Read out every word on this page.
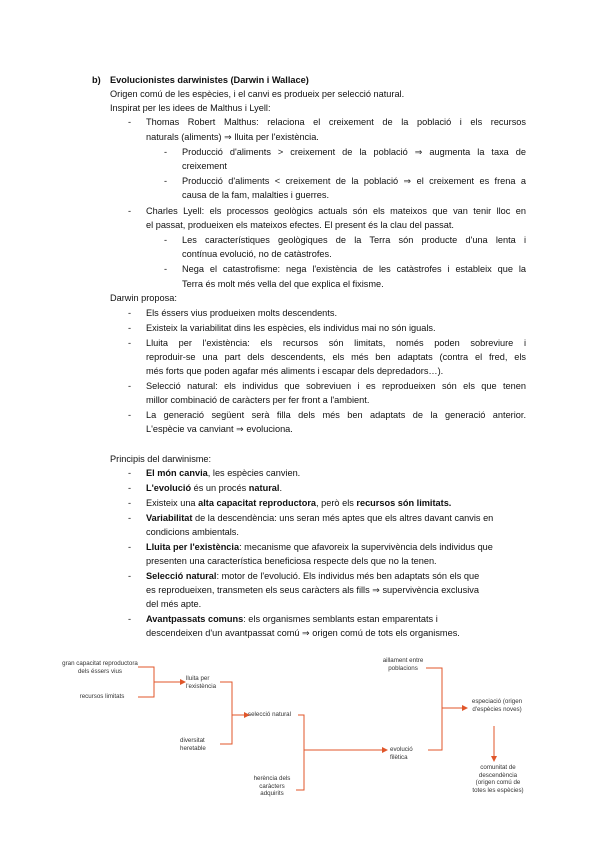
b) Evolucionistes darwinistes (Darwin i Wallace)
Origen comú de les espècies, i el canvi es produeix per selecció natural.
Inspirat per les idees de Malthus i Lyell:
- Thomas Robert Malthus: relaciona el creixement de la població i els recursos
naturals (aliments) ⇒ lluita per l'existència.
- Producció d'aliments > creixement de la població ⇒ augmenta la taxa de
creixement
- Producció d'aliments < creixement de la població ⇒ el creixement es frena a
causa de la fam, malalties i guerres.
- Charles Lyell: els processos geològics actuals són els mateixos que van tenir lloc en
el passat, produeixen els mateixos efectes. El present és la clau del passat.
- Les característiques geològiques de la Terra són producte d'una lenta i
contínua evolució, no de catàstrofes.
- Nega el catastrofisme: nega l'existència de les catàstrofes i estableix que la
Terra és molt més vella del que explica el fixisme.
Darwin proposa:
- Els éssers vius produeixen molts descendents.
- Existeix la variabilitat dins les espècies, els individus mai no són iguals.
- Lluita per l'existència: els recursos són limitats, només poden sobreviure i
reproduir-se una part dels descendents, els més ben adaptats (contra el fred, els
més forts que poden agafar més aliments i escapar dels depredadors…).
- Selecció natural: els individus que sobreviuen i es reprodueixen són els que tenen
millor combinació de caràcters per fer front a l'ambient.
- La generació següent serà filla dels més ben adaptats de la generació anterior.
L'espècie va canviant ⇒ evoluciona.
Principis del darwinisme:
- El món canvia, les espècies canvien.
- L'evolució és un procés natural.
- Existeix una alta capacitat reproductora, però els recursos són limitats.
- Variabilitat de la descendència: uns seran més aptes que els altres davant canvis en
condicions ambientals.
- Lluita per l'existència: mecanisme que afavoreix la supervivència dels individus que
presenten una característica beneficiosa respecte dels que no la tenen.
- Selecció natural: motor de l'evolució. Els individus més ben adaptats són els que
es reprodueixen, transmeten els seus caràcters als fills ⇒ supervivència exclusiva
del més apte.
- Avantpassats comuns: els organismes semblants estan emparentats i
descendeixen d'un avantpassat comú ⇒ origen comú de tots els organismes.
gran capacitat reproductora dels éssers vius
recursos limitats
lluita per l'existència
selecció natural
diversitat heretable
herència dels caràcters adquirits
aillament entre poblacions
evolució filètica
especiació (origen d'espècies noves)
comunitat de descendència (origen comú de totes les espècies)
